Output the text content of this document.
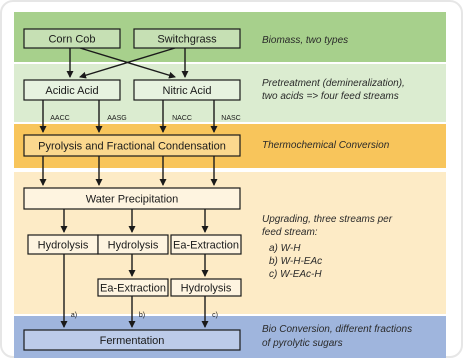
Biomass, two types
Pretreatment (demineralization),
two acids => four feed streams
Thermochemical Conversion
Upgrading, three streams per
feed stream:
a) W-H
b) W-H-EAc
c) W-EAc-H
Bio Conversion, different fractions
of pyrolytic sugars
AACC	AASG	NACC	NASC
a)	b)	c)
Corn Cob	Switchgrass
Acidic Acid	Nitric Acid
Pyrolysis and Fractional Condensation
Water Precipitation
Hydrolysis Hydrolysis Ea-Extraction
Ea-Extraction Hydrolysis
Fermentation
